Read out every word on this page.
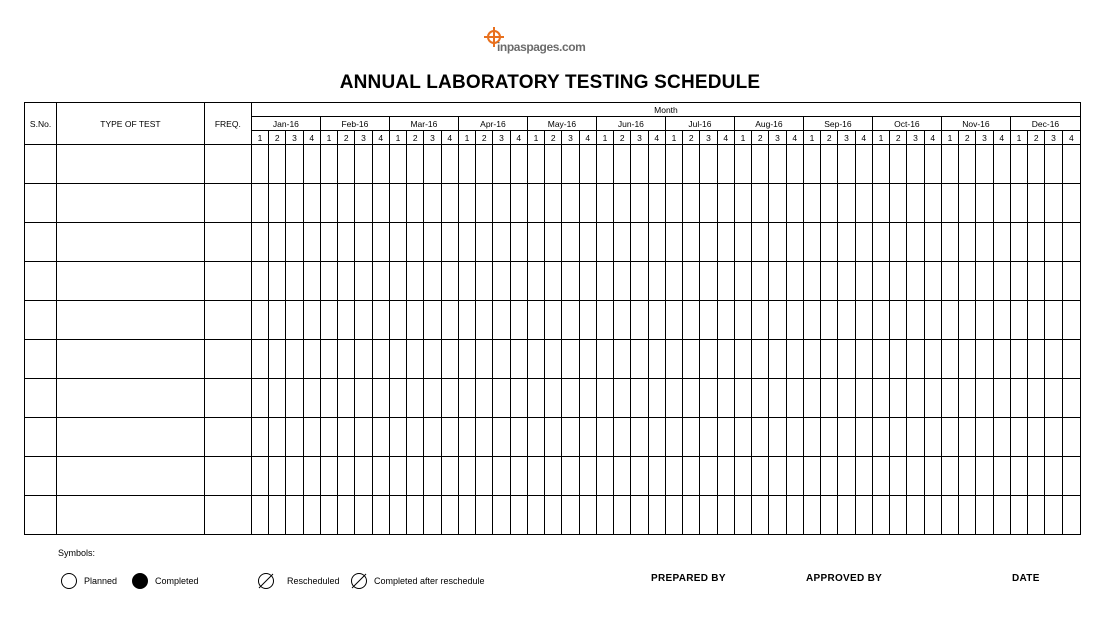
inpaspages.com
ANNUAL LABORATORY TESTING SCHEDULE
S.No.	TYPE OF TEST	FREQ.	Month																																															
			Jan-16				Feb-16				Mar-16				Apr-16				May-16				Jun-16				Jul-16				Aug-16				Sep-16				Oct-16				Nov-16				Dec-16			
			1	2	3	4	1	2	3	4	1	2	3	4	1	2	3	4	1	2	3	4	1	2	3	4	1	2	3	4	1	2	3	4	1	2	3	4	1	2	3	4	1	2	3	4	1	2	3	4

Symbols:
Planned	Completed	Rescheduled	Completed after reschedule	PREPARED BY	APPROVED BY	DATE
